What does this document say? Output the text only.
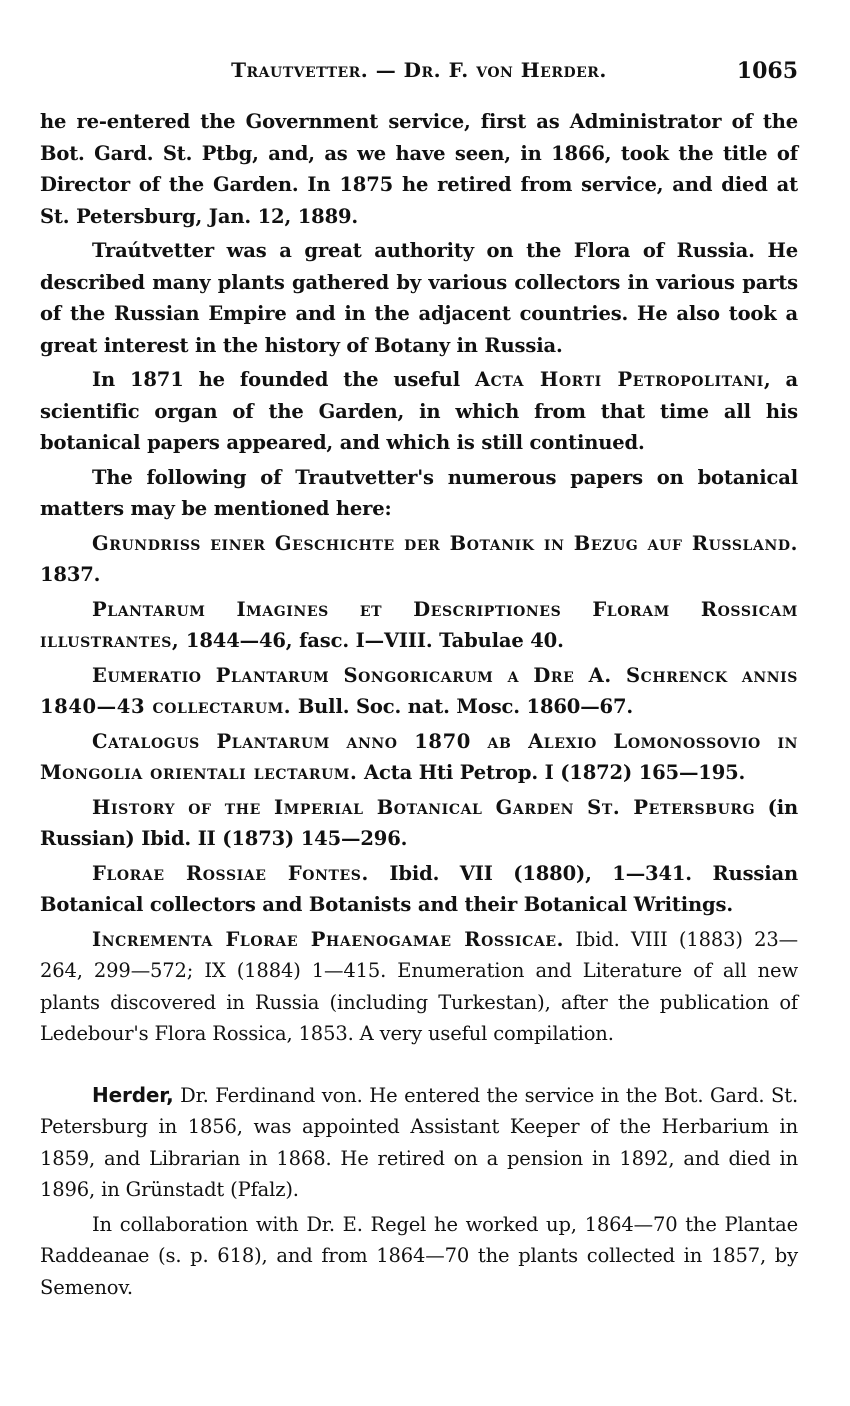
Trautvetter. — Dr. F. von Herder.	1065

he re-entered the Government service, first as Administrator of the Bot. Gard. St. Ptbg, and, as we have seen, in 1866, took the title of Director of the Garden. In 1875 he retired from service, and died at St. Petersburg, Jan. 12, 1889.

Traútvetter was a great authority on the Flora of Russia. He described many plants gathered by various collectors in various parts of the Russian Empire and in the adjacent countries. He also took a great interest in the history of Botany in Russia.

In 1871 he founded the useful Acta Horti Petropolitani, a scientific organ of the Garden, in which from that time all his botanical papers appeared, and which is still continued.

The following of Trautvetter's numerous papers on botanical matters may be mentioned here:

Grundriss einer Geschichte der Botanik in Bezug auf Russland. 1837.

Plantarum Imagines et Descriptiones Floram Rossicam illustrantes, 1844—46, fasc. I—VIII. Tabulae 40.

Eumeratio Plantarum Songoricarum a Dre A. Schrenck annis 1840—43 collectarum. Bull. Soc. nat. Mosc. 1860—67.

Catalogus Plantarum anno 1870 ab Alexio Lomonossovio in Mongolia orientali lectarum. Acta Hti Petrop. I (1872) 165—195.

History of the Imperial Botanical Garden St. Petersburg (in Russian) Ibid. II (1873) 145—296.

Florae Rossiae Fontes. Ibid. VII (1880), 1—341. Russian Botanical collectors and Botanists and their Botanical Writings.

Incrementa Florae Phaenogamae Rossicae. Ibid. VIII (1883) 23—264, 299—572; IX (1884) 1—415. Enumeration and Literature of all new plants discovered in Russia (including Turkestan), after the publication of Ledebour's Flora Rossica, 1853. A very useful compilation.

Herder, Dr. Ferdinand von. He entered the service in the Bot. Gard. St. Petersburg in 1856, was appointed Assistant Keeper of the Herbarium in 1859, and Librarian in 1868. He retired on a pension in 1892, and died in 1896, in Grünstadt (Pfalz).

In collaboration with Dr. E. Regel he worked up, 1864—70 the Plantae Raddeanae (s. p. 618), and from 1864—70 the plants collected in 1857, by Semenov.
